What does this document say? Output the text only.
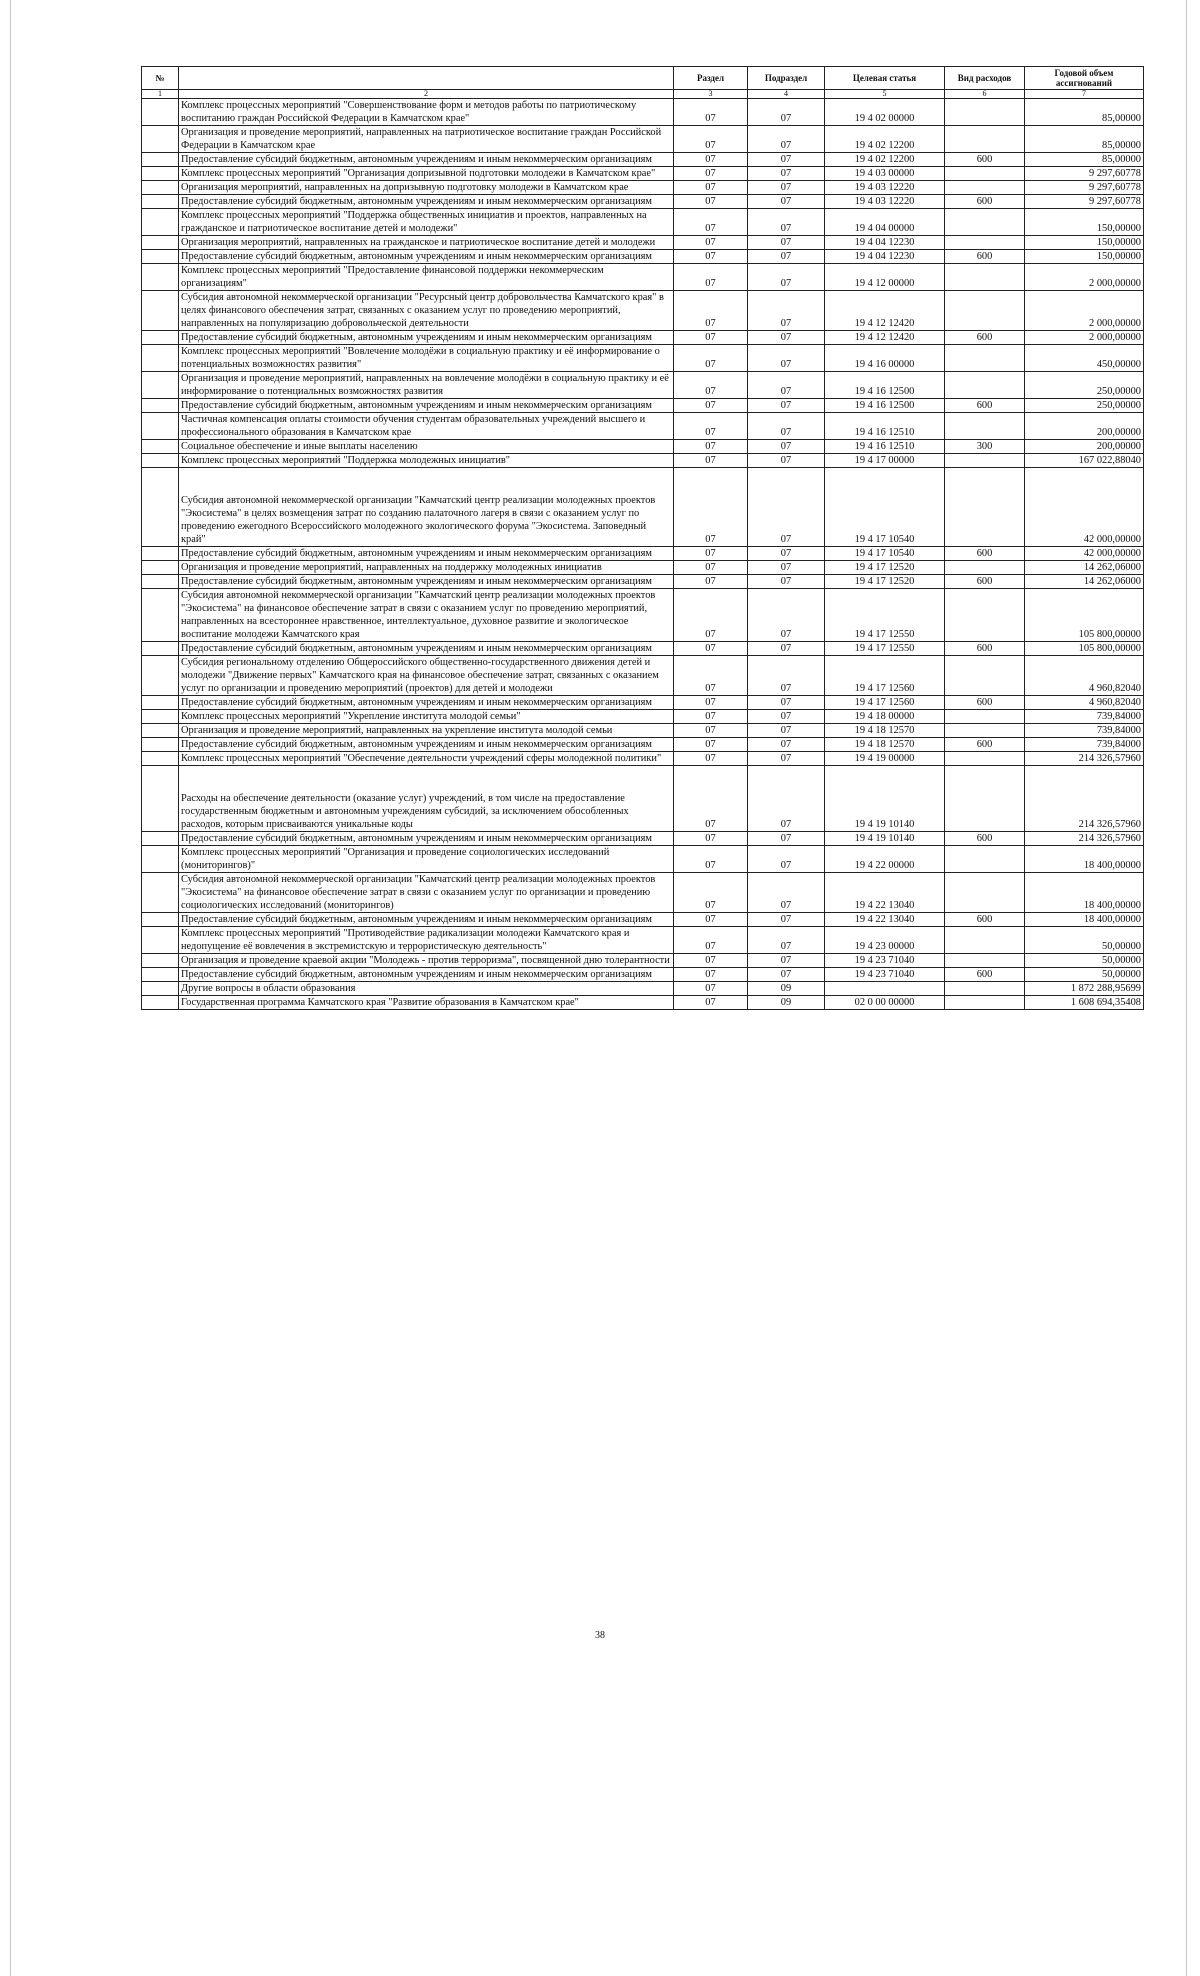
№		Раздел	Подраздел	Целевая статья	Вид расходов	Годовой объем ассигнований
1	2	3	4	5	6	7
	Комплекс процессных мероприятий "Совершенствование форм и методов работы по патриотическому воспитанию граждан Российской Федерации в Камчатском крае"	07	07	19 4 02 00000		85,00000
	Организация и проведение мероприятий, направленных на патриотическое воспитание граждан Российской Федерации в Камчатском крае	07	07	19 4 02 12200		85,00000
	Предоставление субсидий бюджетным, автономным учреждениям и иным некоммерческим организациям	07	07	19 4 02 12200	600	85,00000
	Комплекс процессных мероприятий "Организация допризывной подготовки молодежи в Камчатском крае"	07	07	19 4 03 00000		9 297,60778
	Организация мероприятий, направленных на допризывную подготовку молодежи в Камчатском крае	07	07	19 4 03 12220		9 297,60778
	Предоставление субсидий бюджетным, автономным учреждениям и иным некоммерческим организациям	07	07	19 4 03 12220	600	9 297,60778
	Комплекс процессных мероприятий "Поддержка общественных инициатив и проектов, направленных на гражданское и патриотическое воспитание детей и молодежи"	07	07	19 4 04 00000		150,00000
	Организация мероприятий, направленных на гражданское и патриотическое воспитание детей и молодежи	07	07	19 4 04 12230		150,00000
	Предоставление субсидий бюджетным, автономным учреждениям и иным некоммерческим организациям	07	07	19 4 04 12230	600	150,00000
	Комплекс процессных мероприятий "Предоставление финансовой поддержки некоммерческим организациям"	07	07	19 4 12 00000		2 000,00000
	Субсидия автономной некоммерческой организации "Ресурсный центр добровольчества Камчатского края" в целях финансового обеспечения затрат, связанных с оказанием услуг по проведению мероприятий, направленных на популяризацию добровольческой деятельности	07	07	19 4 12 12420		2 000,00000
	Предоставление субсидий бюджетным, автономным учреждениям и иным некоммерческим организациям	07	07	19 4 12 12420	600	2 000,00000
	Комплекс процессных мероприятий "Вовлечение молодёжи в социальную практику и её информирование о потенциальных возможностях развития"	07	07	19 4 16 00000		450,00000
	Организация и проведение мероприятий, направленных на вовлечение молодёжи в социальную практику и её информирование о потенциальных возможностях развития	07	07	19 4 16 12500		250,00000
	Предоставление субсидий бюджетным, автономным учреждениям и иным некоммерческим организациям	07	07	19 4 16 12500	600	250,00000
	Частичная компенсация оплаты стоимости обучения студентам образовательных учреждений высшего и профессионального образования в Камчатском крае	07	07	19 4 16 12510		200,00000
	Социальное обеспечение и иные выплаты населению	07	07	19 4 16 12510	300	200,00000
	Комплекс процессных мероприятий "Поддержка молодежных инициатив"	07	07	19 4 17 00000		167 022,88040
	Субсидия автономной некоммерческой организации "Камчатский центр реализации молодежных проектов "Экосистема" в целях возмещения затрат по созданию палаточного лагеря в связи с оказанием услуг по проведению ежегодного Всероссийского молодежного экологического форума "Экосистема. Заповедный край"	07	07	19 4 17 10540		42 000,00000
	Предоставление субсидий бюджетным, автономным учреждениям и иным некоммерческим организациям	07	07	19 4 17 10540	600	42 000,00000
	Организация и проведение мероприятий, направленных на поддержку молодежных инициатив	07	07	19 4 17 12520		14 262,06000
	Предоставление субсидий бюджетным, автономным учреждениям и иным некоммерческим организациям	07	07	19 4 17 12520	600	14 262,06000
	Субсидия автономной некоммерческой организации "Камчатский центр реализации молодежных проектов "Экосистема" на финансовое обеспечение затрат в связи с оказанием услуг по проведению мероприятий, направленных на всестороннее нравственное, интеллектуальное, духовное развитие и экологическое воспитание молодежи Камчатского края	07	07	19 4 17 12550		105 800,00000
	Предоставление субсидий бюджетным, автономным учреждениям и иным некоммерческим организациям	07	07	19 4 17 12550	600	105 800,00000
	Субсидия региональному отделению Общероссийского общественно-государственного движения детей и молодежи "Движение первых" Камчатского края на финансовое обеспечение затрат, связанных с оказанием услуг по организации и проведению мероприятий (проектов) для детей и молодежи	07	07	19 4 17 12560		4 960,82040
	Предоставление субсидий бюджетным, автономным учреждениям и иным некоммерческим организациям	07	07	19 4 17 12560	600	4 960,82040
	Комплекс процессных мероприятий "Укрепление института молодой семьи"	07	07	19 4 18 00000		739,84000
	Организация и проведение мероприятий, направленных на укрепление института молодой семьи	07	07	19 4 18 12570		739,84000
	Предоставление субсидий бюджетным, автономным учреждениям и иным некоммерческим организациям	07	07	19 4 18 12570	600	739,84000
	Комплекс процессных мероприятий "Обеспечение деятельности учреждений сферы молодежной политики"	07	07	19 4 19 00000		214 326,57960
	Расходы на обеспечение деятельности (оказание услуг) учреждений, в том числе на предоставление государственным бюджетным и автономным учреждениям субсидий, за исключением обособленных расходов, которым присваиваются уникальные коды	07	07	19 4 19 10140		214 326,57960
	Предоставление субсидий бюджетным, автономным учреждениям и иным некоммерческим организациям	07	07	19 4 19 10140	600	214 326,57960
	Комплекс процессных мероприятий "Организация и проведение социологических исследований (мониторингов)"	07	07	19 4 22 00000		18 400,00000
	Субсидия автономной некоммерческой организации "Камчатский центр реализации молодежных проектов "Экосистема" на финансовое обеспечение затрат в связи с оказанием услуг по организации и проведению социологических исследований (мониторингов)	07	07	19 4 22 13040		18 400,00000
	Предоставление субсидий бюджетным, автономным учреждениям и иным некоммерческим организациям	07	07	19 4 22 13040	600	18 400,00000
	Комплекс процессных мероприятий "Противодействие радикализации молодежи Камчатского края и недопущение её вовлечения в экстремистскую и террористическую деятельность"	07	07	19 4 23 00000		50,00000
	Организация и проведение краевой акции "Молодежь - против терроризма", посвященной дню толерантности	07	07	19 4 23 71040		50,00000
	Предоставление субсидий бюджетным, автономным учреждениям и иным некоммерческим организациям	07	07	19 4 23 71040	600	50,00000
	Другие вопросы в области образования	07	09			1 872 288,95699
	Государственная программа Камчатского края "Развитие образования в Камчатском крае"	07	09	02 0 00 00000		1 608 694,35408
38
